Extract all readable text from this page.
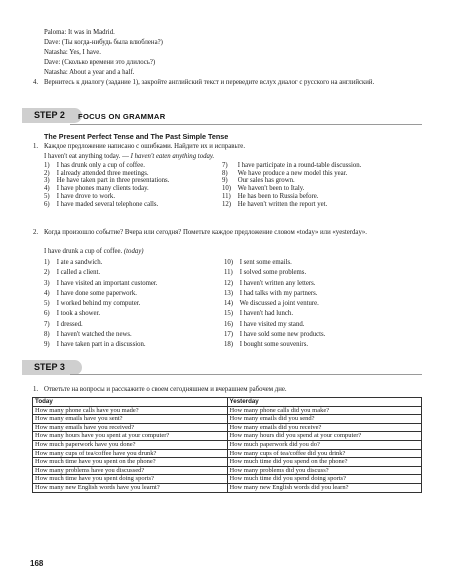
Paloma: It was in Madrid.
Dave: (Ты когда-нибудь была влюблена?)
Natasha: Yes, I have.
Dave: (Сколько времени это длилось?)
Natasha: About a year and a half.
4. Вернитесь к диалогу (задание 1), закройте английский текст и переведите вслух диалог с русского на английский.
STEP 2	FOCUS ON GRAMMAR
The Present Perfect Tense and The Past Simple Tense
1. Каждое предложение написано с ошибками. Найдите их и исправьте.
I haven't eat anything today. — I haven't eaten anything today.
1) I has drunk only a cup of coffee.
2) I already attended three meetings.
3) He have taken part in three presentations.
4) I have phones many clients today.
5) I have drove to work.
6) I have maded several telephone calls.
7) I have participate in a round-table discussion.
8) We have produce a new model this year.
9) Our sales has grown.
10) We haven't been to Italy.
11) He has been to Russia before.
12) He haven't written the report yet.
2. Когда произошло событие? Вчера или сегодня? Пометьте каждое предложение словом «today» или «yesterday».
I have drunk a cup of coffee. (today)
1) I ate a sandwich.
2) I called a client.
3) I have visited an important customer.
4) I have done some paperwork.
5) I worked behind my computer.
6) I took a shower.
7) I dressed.
8) I haven't watched the news.
9) I have taken part in a discussion.
10) I sent some emails.
11) I solved some problems.
12) I haven't written any letters.
13) I had talks with my partners.
14) We discussed a joint venture.
15) I haven't had lunch.
16) I have visited my stand.
17) I have sold some new products.
18) I bought some souvenirs.
STEP 3
1. Ответьте на вопросы и расскажите о своем сегодняшнем и вчерашнем рабочем дне.
Today	Yesterday
How many phone calls have you made?	How many phone calls did you make?
How many emails have you sent?	How many emails did you send?
How many emails have you received?	How many emails did you receive?
How many hours have you spent at your computer?	How many hours did you spend at your computer?
How much paperwork have you done?	How much paperwork did you do?
How many cups of tea/coffee have you drunk?	How many cups of tea/coffee did you drink?
How much time have you spent on the phone?	How much time did you spend on the phone?
How many problems have you discussed?	How many problems did you discuss?
How much time have you spent doing sports?	How much time did you spend doing sports?
How many new English words have you learnt?	How many new English words did you learn?
168
